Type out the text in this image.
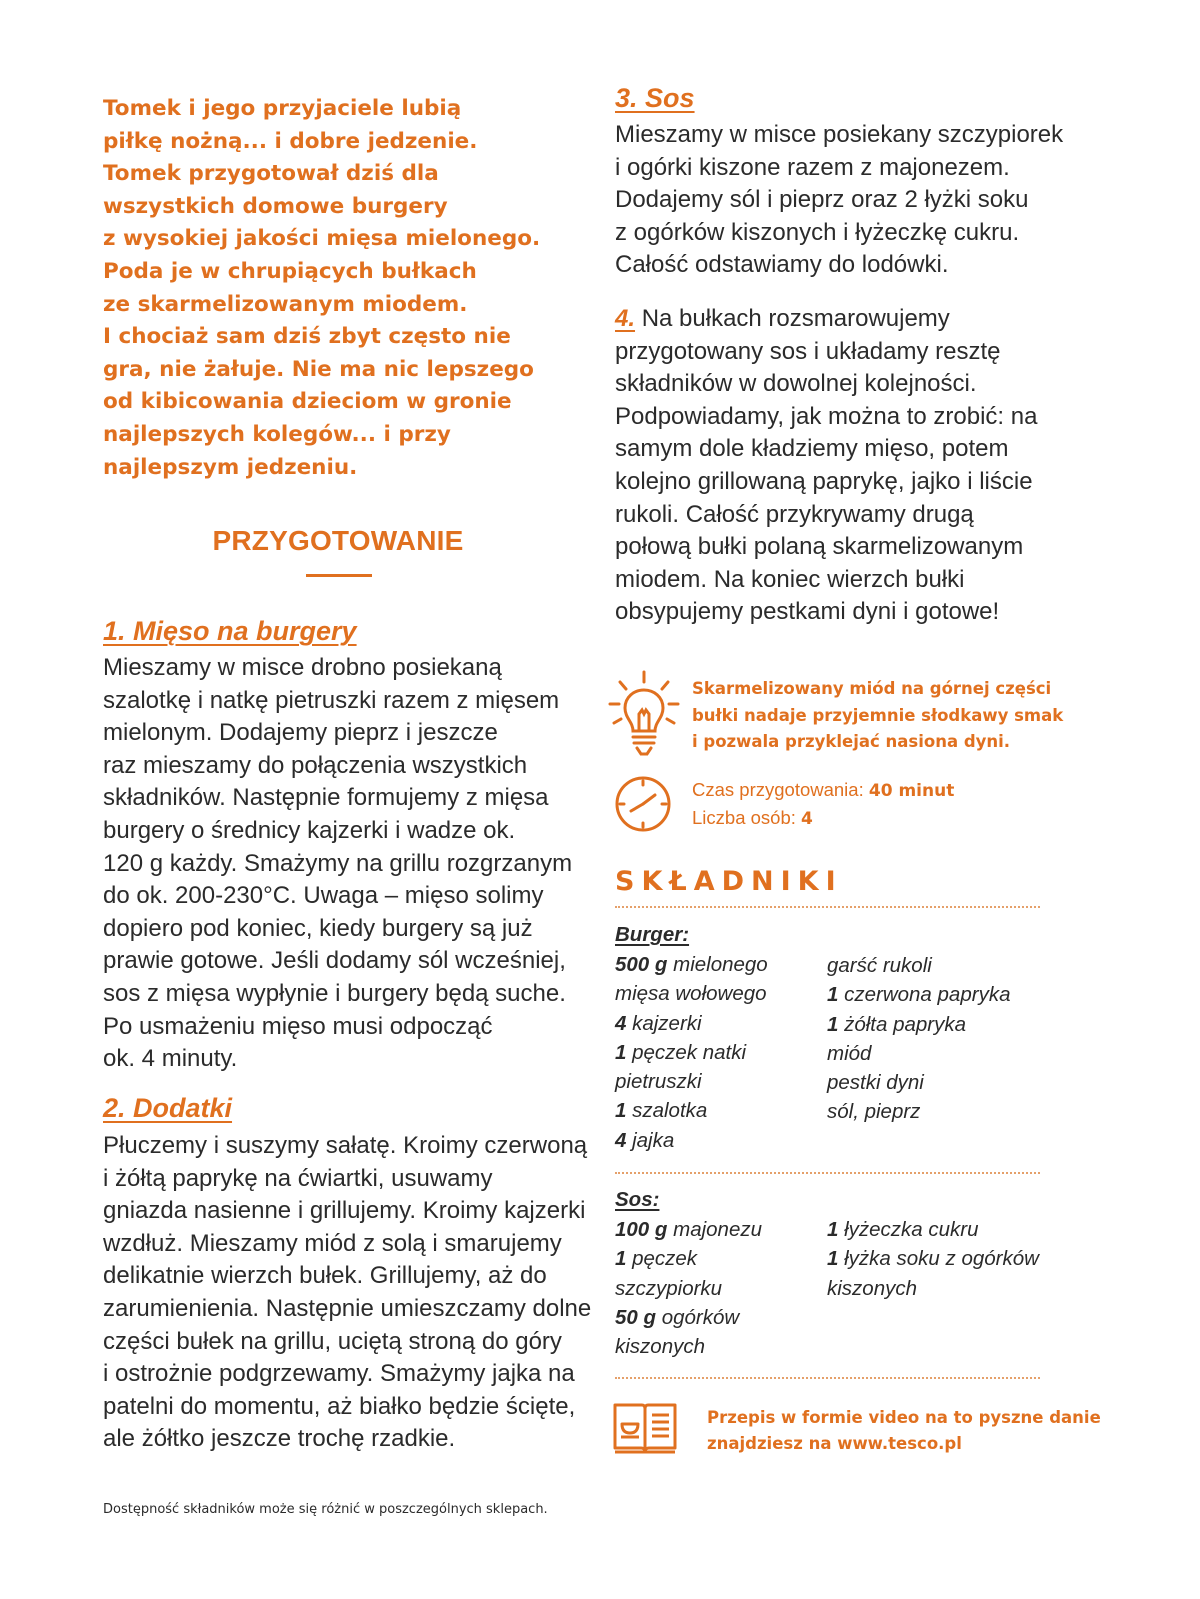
Tomek i jego przyjaciele lubią
piłkę nożną... i dobre jedzenie.
Tomek przygotował dziś dla
wszystkich domowe burgery
z wysokiej jakości mięsa mielonego.
Poda je w chrupiących bułkach
ze skarmelizowanym miodem.
I chociaż sam dziś zbyt często nie
gra, nie żałuje. Nie ma nic lepszego
od kibicowania dzieciom w gronie
najlepszych kolegów... i przy
najlepszym jedzeniu.
PRZYGOTOWANIE
1. Mięso na burgery
Mieszamy w misce drobno posiekaną
szalotkę i natkę pietruszki razem z mięsem
mielonym. Dodajemy pieprz i jeszcze
raz mieszamy do połączenia wszystkich
składników. Następnie formujemy z mięsa
burgery o średnicy kajzerki i wadze ok.
120 g każdy. Smażymy na grillu rozgrzanym
do ok. 200-230°C. Uwaga – mięso solimy
dopiero pod koniec, kiedy burgery są już
prawie gotowe. Jeśli dodamy sól wcześniej,
sos z mięsa wypłynie i burgery będą suche.
Po usmażeniu mięso musi odpocząć
ok. 4 minuty.
2. Dodatki
Płuczemy i suszymy sałatę. Kroimy czerwoną
i żółtą paprykę na ćwiartki, usuwamy
gniazda nasienne i grillujemy. Kroimy kajzerki
wzdłuż. Mieszamy miód z solą i smarujemy
delikatnie wierzch bułek. Grillujemy, aż do
zarumienienia. Następnie umieszczamy dolne
części bułek na grillu, uciętą stroną do góry
i ostrożnie podgrzewamy. Smażymy jajka na
patelni do momentu, aż białko będzie ścięte,
ale żółtko jeszcze trochę rzadkie.
3. Sos
Mieszamy w misce posiekany szczypiorek
i ogórki kiszone razem z majonezem.
Dodajemy sól i pieprz oraz 2 łyżki soku
z ogórków kiszonych i łyżeczkę cukru.
Całość odstawiamy do lodówki.
4. Na bułkach rozsmarowujemy
przygotowany sos i układamy resztę
składników w dowolnej kolejności.
Podpowiadamy, jak można to zrobić: na
samym dole kładziemy mięso, potem
kolejno grillowaną paprykę, jajko i liście
rukoli. Całość przykrywamy drugą
połową bułki polaną skarmelizowanym
miodem. Na koniec wierzch bułki
obsypujemy pestkami dyni i gotowe!
Skarmelizowany miód na górnej części
bułki nadaje przyjemnie słodkawy smak
i pozwala przyklejać nasiona dyni.
Czas przygotowania: 40 minut
Liczba osób: 4
SKŁADNIKI
Burger:
500 g mielonego
mięsa wołowego
4 kajzerki
1 pęczek natki
pietruszki
1 szalotka
4 jajka
garść rukoli
1 czerwona papryka
1 żółta papryka
miód
pestki dyni
sól, pieprz
Sos:
100 g majonezu
1 pęczek
szczypiorku
50 g ogórków
kiszonych
1 łyżeczka cukru
1 łyżka soku z ogórków
kiszonych
Przepis w formie video na to pyszne danie
znajdziesz na www.tesco.pl
Dostępność składników może się różnić w poszczególnych sklepach.
